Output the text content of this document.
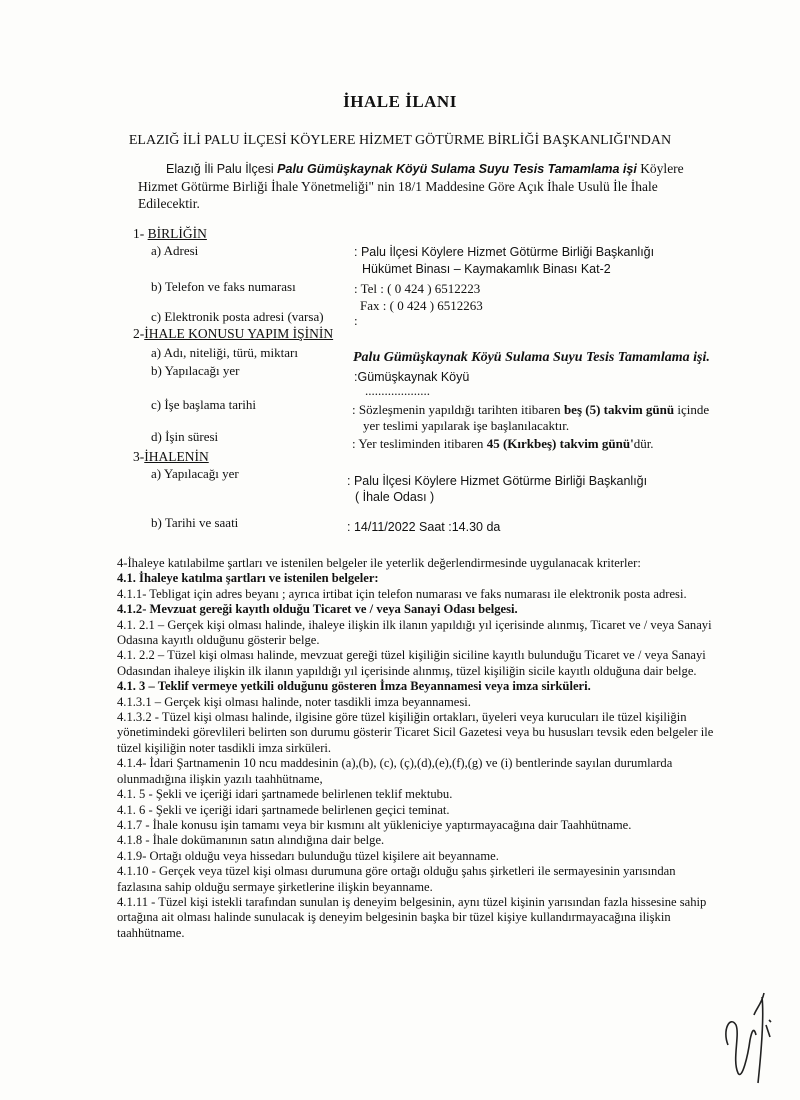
İHALE İLANI
ELAZIĞ İLİ PALU İLÇESİ KÖYLERE HİZMET GÖTÜRME BİRLİĞİ BAŞKANLIĞI'NDAN
Elazığ İli Palu İlçesi Palu Gümüşkaynak Köyü Sulama Suyu Tesis Tamamlama işi Köylere Hizmet Götürme Birliği İhale Yönetmeliği" nin 18/1 Maddesine Göre Açık İhale Usulü İle İhale Edilecektir.
1- BİRLİĞİN
a) Adresi	: Palu İlçesi Köylere Hizmet Götürme Birliği Başkanlığı
Hükümet Binası – Kaymakamlık Binası Kat-2
b) Telefon ve faks numarası	: Tel : ( 0 424 ) 6512223
Fax : ( 0 424 ) 6512263
c) Elektronik posta adresi (varsa) :
2-İHALE KONUSU YAPIM İŞİNİN
a) Adı, niteliği, türü, miktarı	Palu Gümüşkaynak Köyü Sulama Suyu Tesis Tamamlama işi.
b) Yapılacağı yer	:Gümüşkaynak Köyü
....................
c) İşe başlama tarihi	: Sözleşmenin yapıldığı tarihten itibaren beş (5) takvim günü içinde
yer teslimi yapılarak işe başlanılacaktır.
d) İşin süresi	: Yer tesliminden itibaren 45 (Kırkbeş) takvim günü'dür.
3-İHALENİN
a) Yapılacağı yer	: Palu İlçesi Köylere Hizmet Götürme Birliği Başkanlığı
( İhale Odası )
b) Tarihi ve saati	: 14/11/2022 Saat :14.30 da

4-İhaleye katılabilme şartları ve istenilen belgeler ile yeterlik değerlendirmesinde uygulanacak kriterler:

4.1. İhaleye katılma şartları ve istenilen belgeler:

4.1.1- Tebligat için adres beyanı ; ayrıca irtibat için telefon numarası ve faks numarası ile elektronik posta adresi.

4.1.2- Mevzuat gereği kayıtlı olduğu Ticaret ve / veya Sanayi Odası belgesi.

4.1. 2.1 – Gerçek kişi olması halinde, ihaleye ilişkin ilk ilanın yapıldığı yıl içerisinde alınmış, Ticaret ve / veya Sanayi Odasına kayıtlı olduğunu gösterir belge.

4.1. 2.2 – Tüzel kişi olması halinde, mevzuat gereği tüzel kişiliğin siciline kayıtlı bulunduğu Ticaret ve / veya Sanayi Odasından ihaleye ilişkin ilk ilanın yapıldığı yıl içerisinde alınmış, tüzel kişiliğin sicile kayıtlı olduğuna dair belge.

4.1. 3 – Teklif vermeye yetkili olduğunu gösteren İmza Beyannamesi veya imza sirküleri.

4.1.3.1 – Gerçek kişi olması halinde, noter tasdikli imza beyannamesi.

4.1.3.2 - Tüzel kişi olması halinde, ilgisine göre tüzel kişiliğin ortakları, üyeleri veya kurucuları ile tüzel kişiliğin yönetimindeki görevlileri belirten son durumu gösterir Ticaret Sicil Gazetesi veya bu hususları tevsik eden belgeler ile tüzel kişiliğin noter tasdikli imza sirküleri.

4.1.4- İdari Şartnamenin 10 ncu maddesinin (a),(b), (c), (ç),(d),(e),(f),(g) ve (i) bentlerinde sayılan durumlarda olunmadığına ilişkin yazılı taahhütname,

4.1. 5 - Şekli ve içeriği idari şartnamede belirlenen teklif mektubu.

4.1. 6 - Şekli ve içeriği idari şartnamede belirlenen geçici teminat.

4.1.7 - İhale konusu işin tamamı veya bir kısmını alt yükleniciye yaptırmayacağına dair Taahhütname.

4.1.8 - İhale dokümanının satın alındığına dair belge.

4.1.9- Ortağı olduğu veya hissedarı bulunduğu tüzel kişilere ait beyanname.

4.1.10 - Gerçek veya tüzel kişi olması durumuna göre ortağı olduğu şahıs şirketleri ile sermayesinin yarısından fazlasına sahip olduğu sermaye şirketlerine ilişkin beyanname.

4.1.11 - Tüzel kişi istekli tarafından sunulan iş deneyim belgesinin, aynı tüzel kişinin yarısından fazla hissesine sahip ortağına ait olması halinde sunulacak iş deneyim belgesinin başka bir tüzel kişiye kullandırmayacağına ilişkin taahhütname.
